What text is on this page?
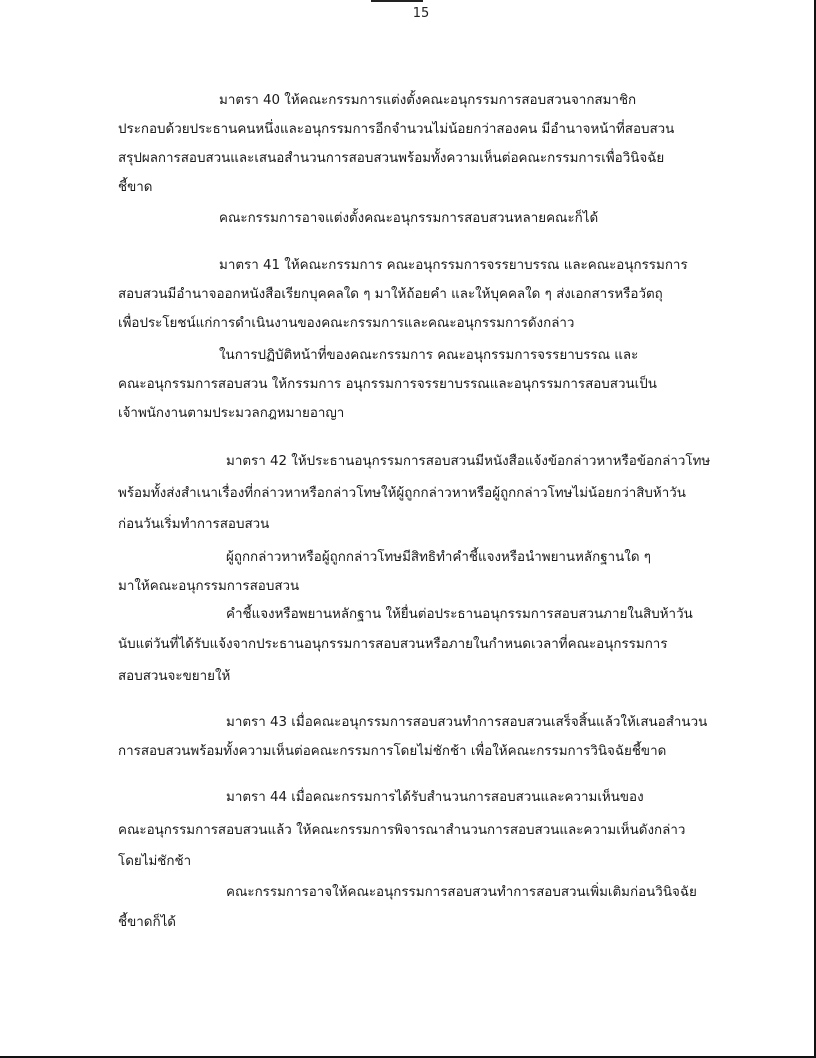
15
มาตรา 40 ให้คณะกรรมการแต่งตั้งคณะอนุกรรมการสอบสวนจากสมาชิก
ประกอบด้วยประธานคนหนึ่งและอนุกรรมการอีกจำนวนไม่น้อยกว่าสองคน มีอำนาจหน้าที่สอบสวน
สรุปผลการสอบสวนและเสนอสำนวนการสอบสวนพร้อมทั้งความเห็นต่อคณะกรรมการเพื่อวินิจฉัย
ชี้ขาด
คณะกรรมการอาจแต่งตั้งคณะอนุกรรมการสอบสวนหลายคณะก็ได้
มาตรา 41 ให้คณะกรรมการ คณะอนุกรรมการจรรยาบรรณ และคณะอนุกรรมการ
สอบสวนมีอำนาจออกหนังสือเรียกบุคคลใด ๆ มาให้ถ้อยคำ และให้บุคคลใด ๆ ส่งเอกสารหรือวัตถุ
เพื่อประโยชน์แก่การดำเนินงานของคณะกรรมการและคณะอนุกรรมการดังกล่าว
ในการปฏิบัติหน้าที่ของคณะกรรมการ คณะอนุกรรมการจรรยาบรรณ และ
คณะอนุกรรมการสอบสวน ให้กรรมการ อนุกรรมการจรรยาบรรณและอนุกรรมการสอบสวนเป็น
เจ้าพนักงานตามประมวลกฎหมายอาญา
มาตรา 42 ให้ประธานอนุกรรมการสอบสวนมีหนังสือแจ้งข้อกล่าวหาหรือข้อกล่าวโทษ
พร้อมทั้งส่งสำเนาเรื่องที่กล่าวหาหรือกล่าวโทษให้ผู้ถูกกล่าวหาหรือผู้ถูกกล่าวโทษไม่น้อยกว่าสิบห้าวัน
ก่อนวันเริ่มทำการสอบสวน
ผู้ถูกกล่าวหาหรือผู้ถูกกล่าวโทษมีสิทธิทำคำชี้แจงหรือนำพยานหลักฐานใด ๆ
มาให้คณะอนุกรรมการสอบสวน
คำชี้แจงหรือพยานหลักฐาน ให้ยื่นต่อประธานอนุกรรมการสอบสวนภายในสิบห้าวัน
นับแต่วันที่ได้รับแจ้งจากประธานอนุกรรมการสอบสวนหรือภายในกำหนดเวลาที่คณะอนุกรรมการ
สอบสวนจะขยายให้
มาตรา 43 เมื่อคณะอนุกรรมการสอบสวนทำการสอบสวนเสร็จสิ้นแล้วให้เสนอสำนวน
การสอบสวนพร้อมทั้งความเห็นต่อคณะกรรมการโดยไม่ชักช้า เพื่อให้คณะกรรมการวินิจฉัยชี้ขาด
มาตรา 44 เมื่อคณะกรรมการได้รับสำนวนการสอบสวนและความเห็นของ
คณะอนุกรรมการสอบสวนแล้ว ให้คณะกรรมการพิจารณาสำนวนการสอบสวนและความเห็นดังกล่าว
โดยไม่ชักช้า
คณะกรรมการอาจให้คณะอนุกรรมการสอบสวนทำการสอบสวนเพิ่มเติมก่อนวินิจฉัย
ชี้ขาดก็ได้
